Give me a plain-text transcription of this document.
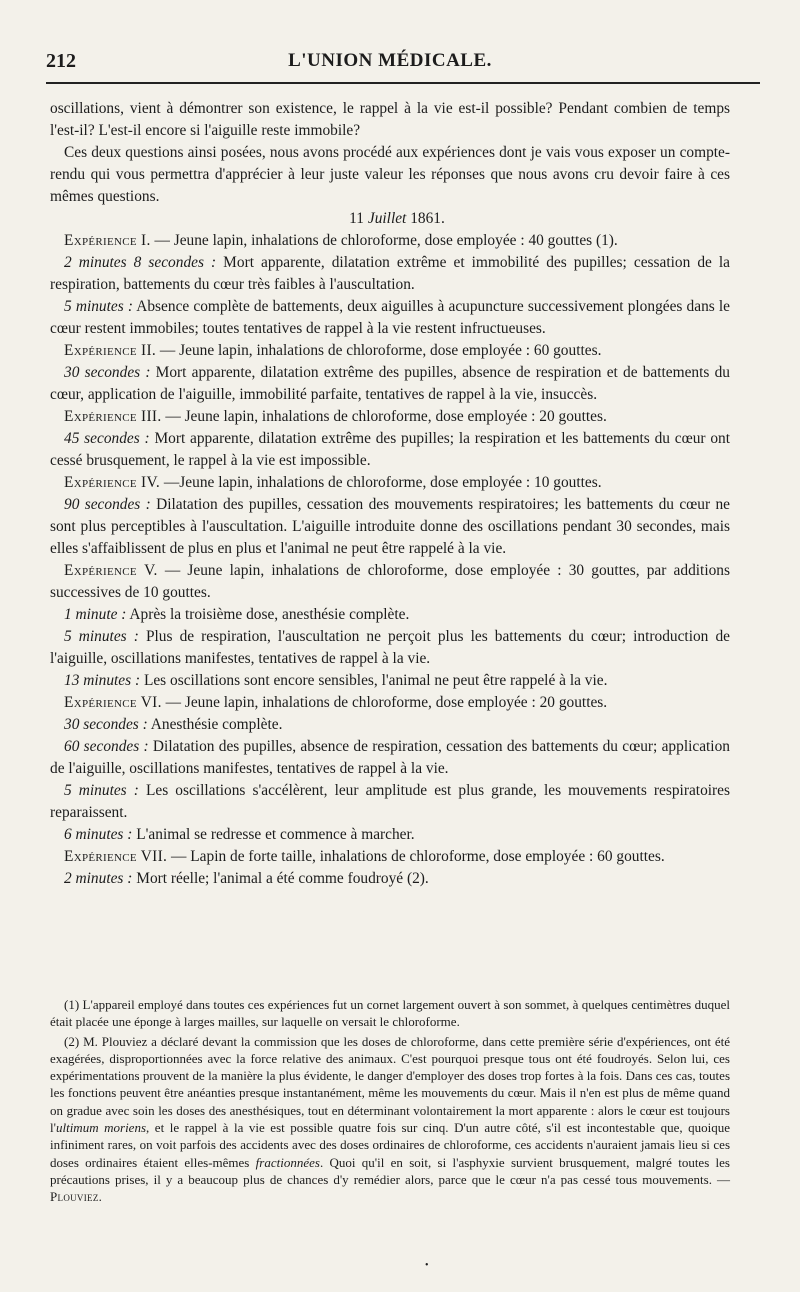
212	L'UNION MÉDICALE.

oscillations, vient à démontrer son existence, le rappel à la vie est-il possible? Pendant combien de temps l'est-il? L'est-il encore si l'aiguille reste immobile?

Ces deux questions ainsi posées, nous avons procédé aux expériences dont je vais vous exposer un compte-rendu qui vous permettra d'apprécier à leur juste valeur les réponses que nous avons cru devoir faire à ces mêmes questions.

11 Juillet 1861.

Expérience I. — Jeune lapin, inhalations de chloroforme, dose employée : 40 gouttes (1).

2 minutes 8 secondes : Mort apparente, dilatation extrême et immobilité des pupilles; cessation de la respiration, battements du cœur très faibles à l'auscultation.

5 minutes : Absence complète de battements, deux aiguilles à acupuncture successivement plongées dans le cœur restent immobiles; toutes tentatives de rappel à la vie restent infructueuses.

Expérience II. — Jeune lapin, inhalations de chloroforme, dose employée : 60 gouttes.

30 secondes : Mort apparente, dilatation extrême des pupilles, absence de respiration et de battements du cœur, application de l'aiguille, immobilité parfaite, tentatives de rappel à la vie, insuccès.

Expérience III. — Jeune lapin, inhalations de chloroforme, dose employée : 20 gouttes.

45 secondes : Mort apparente, dilatation extrême des pupilles; la respiration et les battements du cœur ont cessé brusquement, le rappel à la vie est impossible.

Expérience IV. —Jeune lapin, inhalations de chloroforme, dose employée : 10 gouttes.

90 secondes : Dilatation des pupilles, cessation des mouvements respiratoires; les battements du cœur ne sont plus perceptibles à l'auscultation. L'aiguille introduite donne des oscillations pendant 30 secondes, mais elles s'affaiblissent de plus en plus et l'animal ne peut être rappelé à la vie.

Expérience V. — Jeune lapin, inhalations de chloroforme, dose employée : 30 gouttes, par additions successives de 10 gouttes.

1 minute : Après la troisième dose, anesthésie complète.

5 minutes : Plus de respiration, l'auscultation ne perçoit plus les battements du cœur; introduction de l'aiguille, oscillations manifestes, tentatives de rappel à la vie.

13 minutes : Les oscillations sont encore sensibles, l'animal ne peut être rappelé à la vie.

Expérience VI. — Jeune lapin, inhalations de chloroforme, dose employée : 20 gouttes.

30 secondes : Anesthésie complète.

60 secondes : Dilatation des pupilles, absence de respiration, cessation des battements du cœur; application de l'aiguille, oscillations manifestes, tentatives de rappel à la vie.

5 minutes : Les oscillations s'accélèrent, leur amplitude est plus grande, les mouvements respiratoires reparaissent.

6 minutes : L'animal se redresse et commence à marcher.

Expérience VII. — Lapin de forte taille, inhalations de chloroforme, dose employée : 60 gouttes.

2 minutes : Mort réelle; l'animal a été comme foudroyé (2).

(1) L'appareil employé dans toutes ces expériences fut un cornet largement ouvert à son sommet, à quelques centimètres duquel était placée une éponge à larges mailles, sur laquelle on versait le chloroforme.

(2) M. Plouviez a déclaré devant la commission que les doses de chloroforme, dans cette première série d'expériences, ont été exagérées, disproportionnées avec la force relative des animaux. C'est pourquoi presque tous ont été foudroyés. Selon lui, ces expérimentations prouvent de la manière la plus évidente, le danger d'employer des doses trop fortes à la fois. Dans ces cas, toutes les fonctions peuvent être anéanties presque instantanément, même les mouvements du cœur. Mais il n'en est plus de même quand on gradue avec soin les doses des anesthésiques, tout en déterminant volontairement la mort apparente : alors le cœur est toujours l'ultimum moriens, et le rappel à la vie est possible quatre fois sur cinq. D'un autre côté, s'il est incontestable que, quoique infiniment rares, on voit parfois des accidents avec des doses ordinaires de chloroforme, ces accidents n'auraient jamais lieu si ces doses ordinaires étaient elles-mêmes fractionnées. Quoi qu'il en soit, si l'asphyxie survient brusquement, malgré toutes les précautions prises, il y a beaucoup plus de chances d'y remédier alors, parce que le cœur n'a pas cessé tous mouvements. — Plouviez.

•
